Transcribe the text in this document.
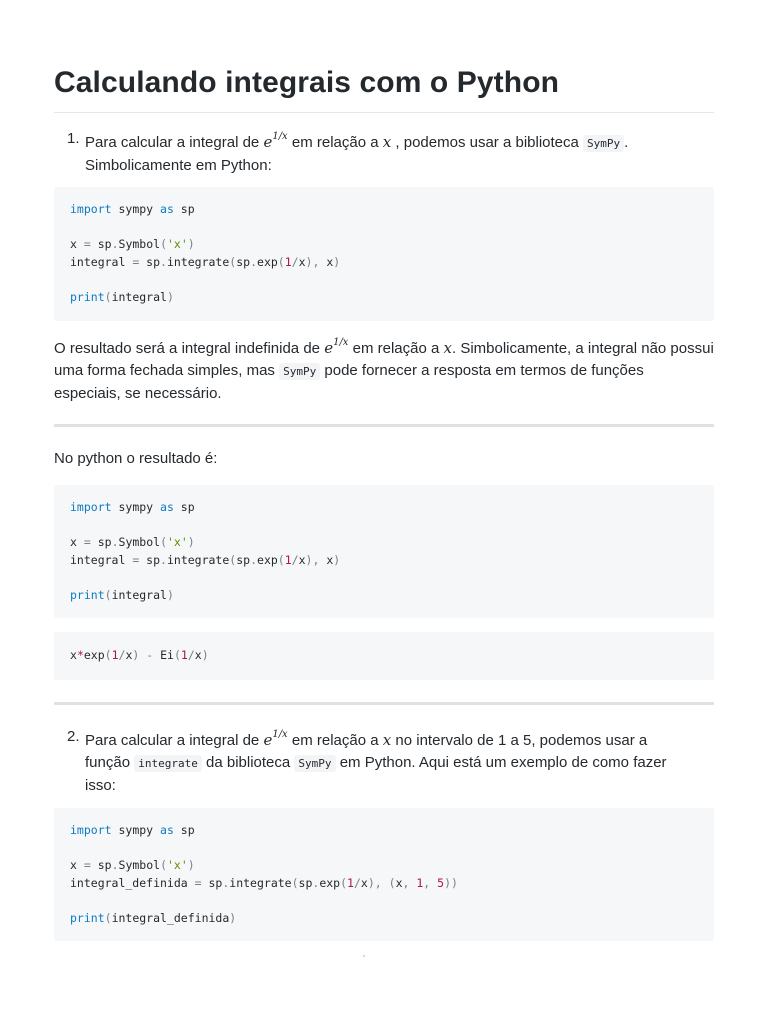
Calculando integrais com o Python
1. Para calcular a integral de $e^{1/x}$ em relação a x , podemos usar a biblioteca SymPy .
Simbolicamente em Python:
import sympy as sp

x = sp.Symbol('x')
integral = sp.integrate(sp.exp(1/x), x)

print(integral)
O resultado será a integral indefinida de $e^{1/x}$ em relação a x. Simbolicamente, a integral não possui uma forma fechada simples, mas SymPy pode fornecer a resposta em termos de funções especiais, se necessário.
No python o resultado é:
import sympy as sp

x = sp.Symbol('x')
integral = sp.integrate(sp.exp(1/x), x)

print(integral)
x*exp(1/x) - Ei(1/x)
2. Para calcular a integral de $e^{1/x}$ em relação a x no intervalo de 1 a 5, podemos usar a
função integrate da biblioteca SymPy em Python. Aqui está um exemplo de como fazer
isso:
import sympy as sp

x = sp.Symbol('x')
integral_definida = sp.integrate(sp.exp(1/x), (x, 1, 5))

print(integral_definida)
